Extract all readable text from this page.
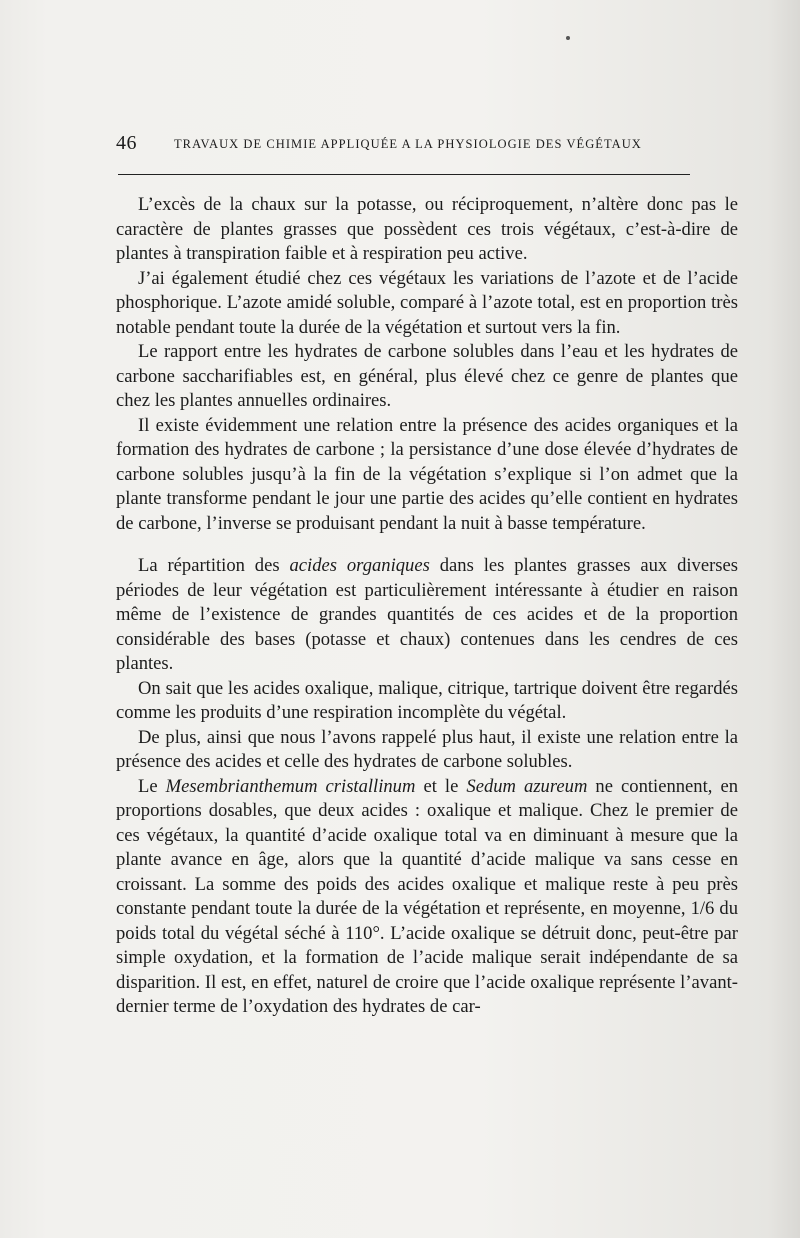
46	TRAVAUX DE CHIMIE APPLIQUÉE A LA PHYSIOLOGIE DES VÉGÉTAUX

L’excès de la chaux sur la potasse, ou réciproquement, n’altère donc pas le caractère de plantes grasses que possèdent ces trois végétaux, c’est-à-dire de plantes à transpiration faible et à respiration peu active.

J’ai également étudié chez ces végétaux les variations de l’azote et de l’acide phosphorique. L’azote amidé soluble, comparé à l’azote total, est en proportion très notable pendant toute la durée de la végétation et surtout vers la fin.

Le rapport entre les hydrates de carbone solubles dans l’eau et les hydrates de carbone saccharifiables est, en général, plus élevé chez ce genre de plantes que chez les plantes annuelles ordinaires.

Il existe évidemment une relation entre la présence des acides organiques et la formation des hydrates de carbone ; la persistance d’une dose élevée d’hydrates de carbone solubles jusqu’à la fin de la végétation s’explique si l’on admet que la plante transforme pendant le jour une partie des acides qu’elle contient en hydrates de carbone, l’inverse se produisant pendant la nuit à basse température.

La répartition des acides organiques dans les plantes grasses aux diverses périodes de leur végétation est particulièrement intéressante à étudier en raison même de l’existence de grandes quantités de ces acides et de la proportion considérable des bases (potasse et chaux) contenues dans les cendres de ces plantes.

On sait que les acides oxalique, malique, citrique, tartrique doivent être regardés comme les produits d’une respiration incomplète du végétal.

De plus, ainsi que nous l’avons rappelé plus haut, il existe une relation entre la présence des acides et celle des hydrates de carbone solubles.

Le Mesembrianthemum cristallinum et le Sedum azureum ne contiennent, en proportions dosables, que deux acides : oxalique et malique. Chez le premier de ces végétaux, la quantité d’acide oxalique total va en diminuant à mesure que la plante avance en âge, alors que la quantité d’acide malique va sans cesse en croissant. La somme des poids des acides oxalique et malique reste à peu près constante pendant toute la durée de la végétation et représente, en moyenne, 1/6 du poids total du végétal séché à 110°. L’acide oxalique se détruit donc, peut-être par simple oxydation, et la formation de l’acide malique serait indépendante de sa disparition. Il est, en effet, naturel de croire que l’acide oxalique représente l’avant-dernier terme de l’oxydation des hydrates de car-
